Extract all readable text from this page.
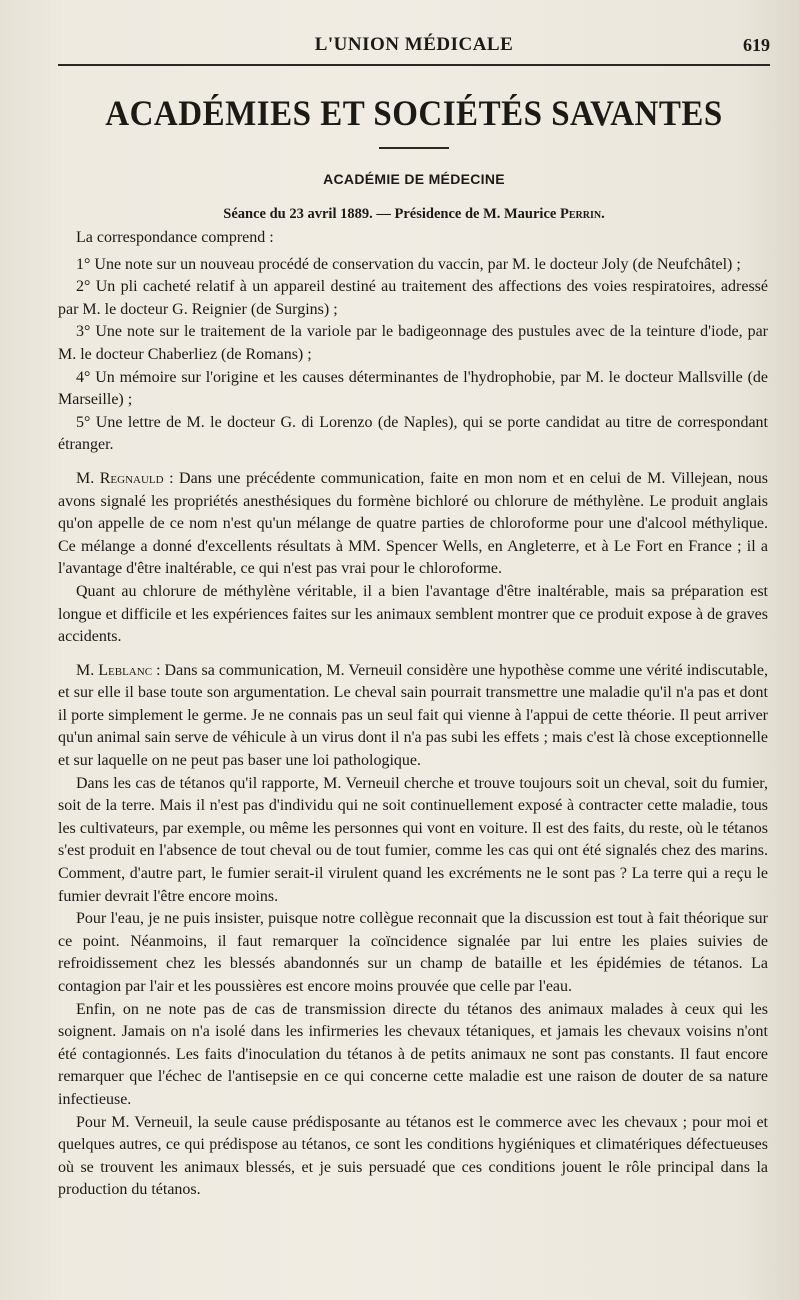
L'UNION MÉDICALE	619
ACADÉMIES ET SOCIÉTÉS SAVANTES
ACADÉMIE DE MÉDECINE
Séance du 23 avril 1889. — Présidence de M. Maurice Perrin.

La correspondance comprend :

1° Une note sur un nouveau procédé de conservation du vaccin, par M. le docteur Joly (de Neufchâtel) ;

2° Un pli cacheté relatif à un appareil destiné au traitement des affections des voies respiratoires, adressé par M. le docteur G. Reignier (de Surgins) ;

3° Une note sur le traitement de la variole par le badigeonnage des pustules avec de la teinture d'iode, par M. le docteur Chaberliez (de Romans) ;

4° Un mémoire sur l'origine et les causes déterminantes de l'hydrophobie, par M. le docteur Mallsville (de Marseille) ;

5° Une lettre de M. le docteur G. di Lorenzo (de Naples), qui se porte candidat au titre de correspondant étranger.

M. Regnauld : Dans une précédente communication, faite en mon nom et en celui de M. Villejean, nous avons signalé les propriétés anesthésiques du formène bichloré ou chlorure de méthylène. Le produit anglais qu'on appelle de ce nom n'est qu'un mélange de quatre parties de chloroforme pour une d'alcool méthylique. Ce mélange a donné d'excellents résultats à MM. Spencer Wells, en Angleterre, et à Le Fort en France ; il a l'avantage d'être inaltérable, ce qui n'est pas vrai pour le chloroforme.

Quant au chlorure de méthylène véritable, il a bien l'avantage d'être inaltérable, mais sa préparation est longue et difficile et les expériences faites sur les animaux semblent montrer que ce produit expose à de graves accidents.

M. Leblanc : Dans sa communication, M. Verneuil considère une hypothèse comme une vérité indiscutable, et sur elle il base toute son argumentation. Le cheval sain pourrait transmettre une maladie qu'il n'a pas et dont il porte simplement le germe. Je ne connais pas un seul fait qui vienne à l'appui de cette théorie. Il peut arriver qu'un animal sain serve de véhicule à un virus dont il n'a pas subi les effets ; mais c'est là chose exceptionnelle et sur laquelle on ne peut pas baser une loi pathologique.

Dans les cas de tétanos qu'il rapporte, M. Verneuil cherche et trouve toujours soit un cheval, soit du fumier, soit de la terre. Mais il n'est pas d'individu qui ne soit continuellement exposé à contracter cette maladie, tous les cultivateurs, par exemple, ou même les personnes qui vont en voiture. Il est des faits, du reste, où le tétanos s'est produit en l'absence de tout cheval ou de tout fumier, comme les cas qui ont été signalés chez des marins. Comment, d'autre part, le fumier serait-il virulent quand les excréments ne le sont pas ? La terre qui a reçu le fumier devrait l'être encore moins.

Pour l'eau, je ne puis insister, puisque notre collègue reconnait que la discussion est tout à fait théorique sur ce point. Néanmoins, il faut remarquer la coïncidence signalée par lui entre les plaies suivies de refroidissement chez les blessés abandonnés sur un champ de bataille et les épidémies de tétanos. La contagion par l'air et les poussières est encore moins prouvée que celle par l'eau.

Enfin, on ne note pas de cas de transmission directe du tétanos des animaux malades à ceux qui les soignent. Jamais on n'a isolé dans les infirmeries les chevaux tétaniques, et jamais les chevaux voisins n'ont été contagionnés. Les faits d'inoculation du tétanos à de petits animaux ne sont pas constants. Il faut encore remarquer que l'échec de l'antisepsie en ce qui concerne cette maladie est une raison de douter de sa nature infectieuse.

Pour M. Verneuil, la seule cause prédisposante au tétanos est le commerce avec les chevaux ; pour moi et quelques autres, ce qui prédispose au tétanos, ce sont les conditions hygiéniques et climatériques défectueuses où se trouvent les animaux blessés, et je suis persuadé que ces conditions jouent le rôle principal dans la production du tétanos.
